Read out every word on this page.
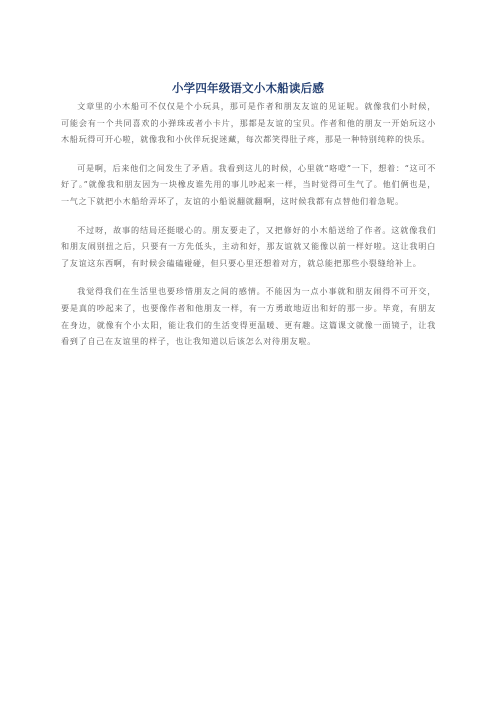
小学四年级语文小木船读后感

文章里的小木船可不仅仅是个小玩具，那可是作者和朋友友谊的见证呢。就像我们小时候，可能会有一个共同喜欢的小弹珠或者小卡片，那都是友谊的宝贝。作者和他的朋友一开始玩这小木船玩得可开心啦，就像我和小伙伴玩捉迷藏，每次都笑得肚子疼，那是一种特别纯粹的快乐。

可是啊，后来他们之间发生了矛盾。我看到这儿的时候，心里就“咯噔”一下，想着：“这可不好了。”就像我和朋友因为一块橡皮谁先用的事儿吵起来一样，当时觉得可生气了。他们俩也是，一气之下就把小木船给弄坏了，友谊的小船说翻就翻啊，这时候我都有点替他们着急呢。

不过呀，故事的结局还挺暖心的。朋友要走了，又把修好的小木船送给了作者。这就像我们和朋友闹别扭之后，只要有一方先低头，主动和好，那友谊就又能像以前一样好啦。这让我明白了友谊这东西啊，有时候会磕磕碰碰，但只要心里还想着对方，就总能把那些小裂缝给补上。

我觉得我们在生活里也要珍惜朋友之间的感情。不能因为一点小事就和朋友闹得不可开交，要是真的吵起来了，也要像作者和他朋友一样，有一方勇敢地迈出和好的那一步。毕竟，有朋友在身边，就像有个小太阳，能让我们的生活变得更温暖、更有趣。这篇课文就像一面镜子，让我看到了自己在友谊里的样子，也让我知道以后该怎么对待朋友啦。
